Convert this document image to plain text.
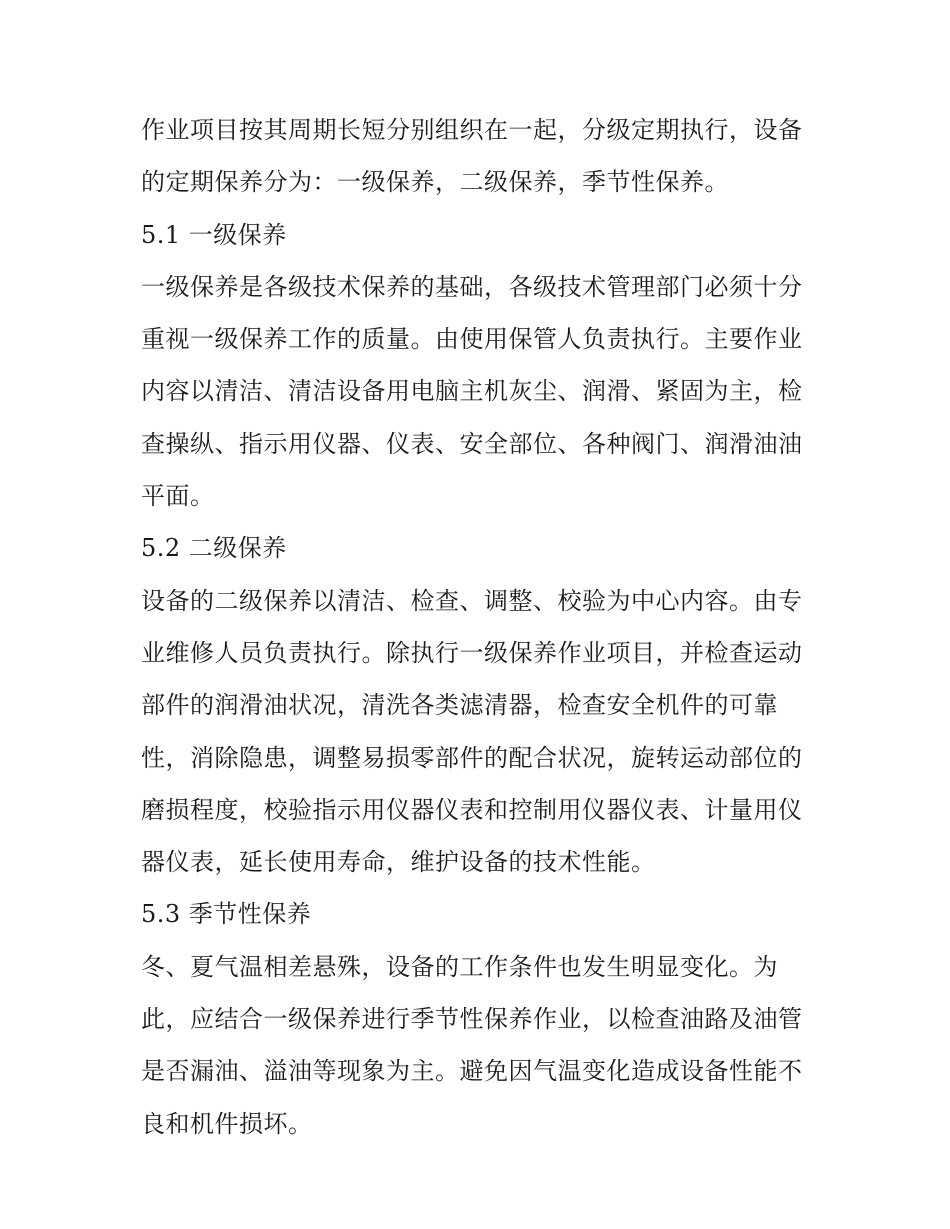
作业项目按其周期长短分别组织在一起，分级定期执行，设备
的定期保养分为：一级保养，二级保养，季节性保养。
5.1 一级保养
一级保养是各级技术保养的基础，各级技术管理部门必须十分
重视一级保养工作的质量。由使用保管人负责执行。主要作业
内容以清洁、清洁设备用电脑主机灰尘、润滑、紧固为主，检
查操纵、指示用仪器、仪表、安全部位、各种阀门、润滑油油
平面。
5.2 二级保养
设备的二级保养以清洁、检查、调整、校验为中心内容。由专
业维修人员负责执行。除执行一级保养作业项目，并检查运动
部件的润滑油状况，清洗各类滤清器，检查安全机件的可靠
性，消除隐患，调整易损零部件的配合状况，旋转运动部位的
磨损程度，校验指示用仪器仪表和控制用仪器仪表、计量用仪
器仪表，延长使用寿命，维护设备的技术性能。
5.3 季节性保养
冬、夏气温相差悬殊，设备的工作条件也发生明显变化。为
此，应结合一级保养进行季节性保养作业，以检查油路及油管
是否漏油、溢油等现象为主。避免因气温变化造成设备性能不
良和机件损坏。
